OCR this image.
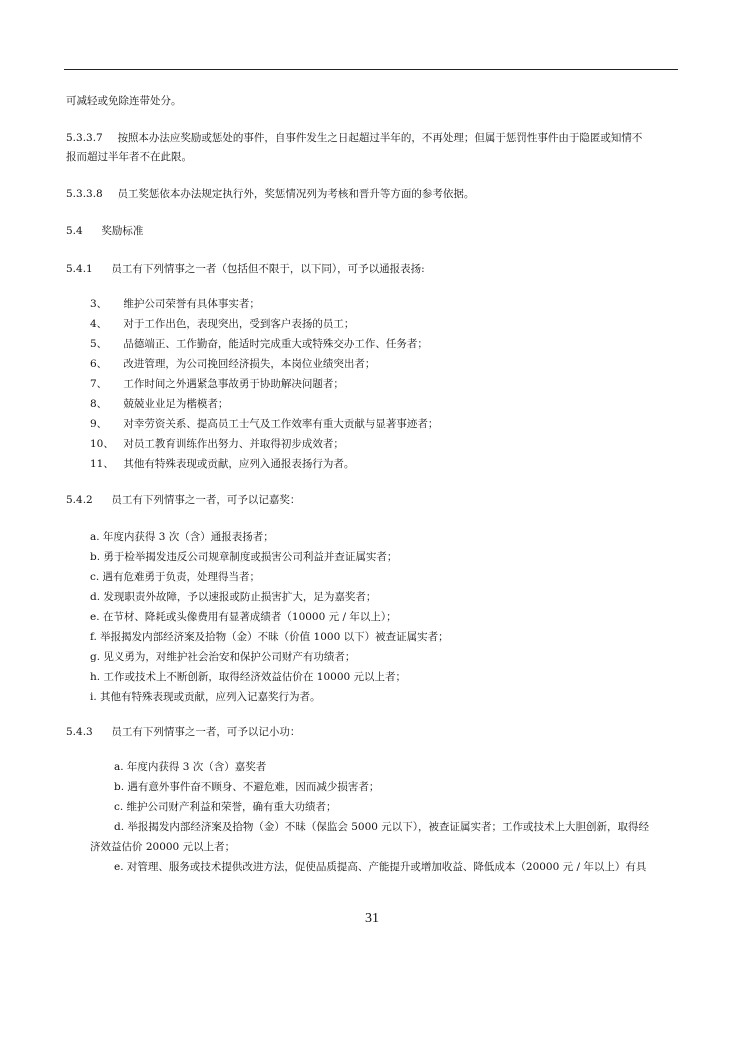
可减轻或免除连带处分。
5.3.3.7 按照本办法应奖励或惩处的事件，自事件发生之日起超过半年的，不再处理；但属于惩罚性事件由于隐匿或知情不
报而超过半年者不在此限。
5.3.3.8 员工奖惩依本办法规定执行外，奖惩情况列为考核和晋升等方面的参考依据。
5.4 奖励标准
5.4.1 员工有下列情事之一者（包括但不限于，以下同），可予以通报表扬:
3、 维护公司荣誉有具体事实者；
4、 对于工作出色，表现突出，受到客户表扬的员工；
5、 品德端正、工作勤奋，能适时完成重大或特殊交办工作、任务者；
6、 改进管理，为公司挽回经济损失，本岗位业绩突出者；
7、 工作时间之外遇紧急事故勇于协助解决问题者；
8、 兢兢业业足为楷模者；
9、 对幸劳资关系、提高员工士气及工作效率有重大贡献与显著事迹者；
10、 对员工教育训练作出努力、并取得初步成效者；
11、 其他有特殊表现或贡献，应列入通报表扬行为者。
5.4.2 员工有下列情事之一者，可予以记嘉奖：
a. 年度内获得 3 次（含）通报表扬者；
b. 勇于检举揭发违反公司规章制度或损害公司利益并查证属实者；
c. 遇有危难勇于负责，处理得当者；
d. 发现职责外故障，予以速报或防止损害扩大，足为嘉奖者；
e. 在节材、降耗或头像费用有显著成绩者（10000 元 / 年以上）；
f. 举报揭发内部经济案及拾物（金）不昧（价值 1000 以下）被查证属实者；
g. 见义勇为，对维护社会治安和保护公司财产有功绩者；
h. 工作或技术上不断创新，取得经济效益估价在 10000 元以上者；
i. 其他有特殊表现或贡献，应列入记嘉奖行为者。
5.4.3 员工有下列情事之一者，可予以记小功：
a. 年度内获得 3 次（含）嘉奖者
b. 遇有意外事件奋不顾身、不避危难，因而减少损害者；
c. 维护公司财产利益和荣誉，确有重大功绩者；
d. 举报揭发内部经济案及拾物（金）不昧（保监会 5000 元以下），被查证属实者；工作或技术上大胆创新，取得经
济效益估价 20000 元以上者；
e. 对管理、服务或技术提供改进方法，促使品质提高、产能提升或增加收益、降低成本（20000 元 / 年以上）有具
31
